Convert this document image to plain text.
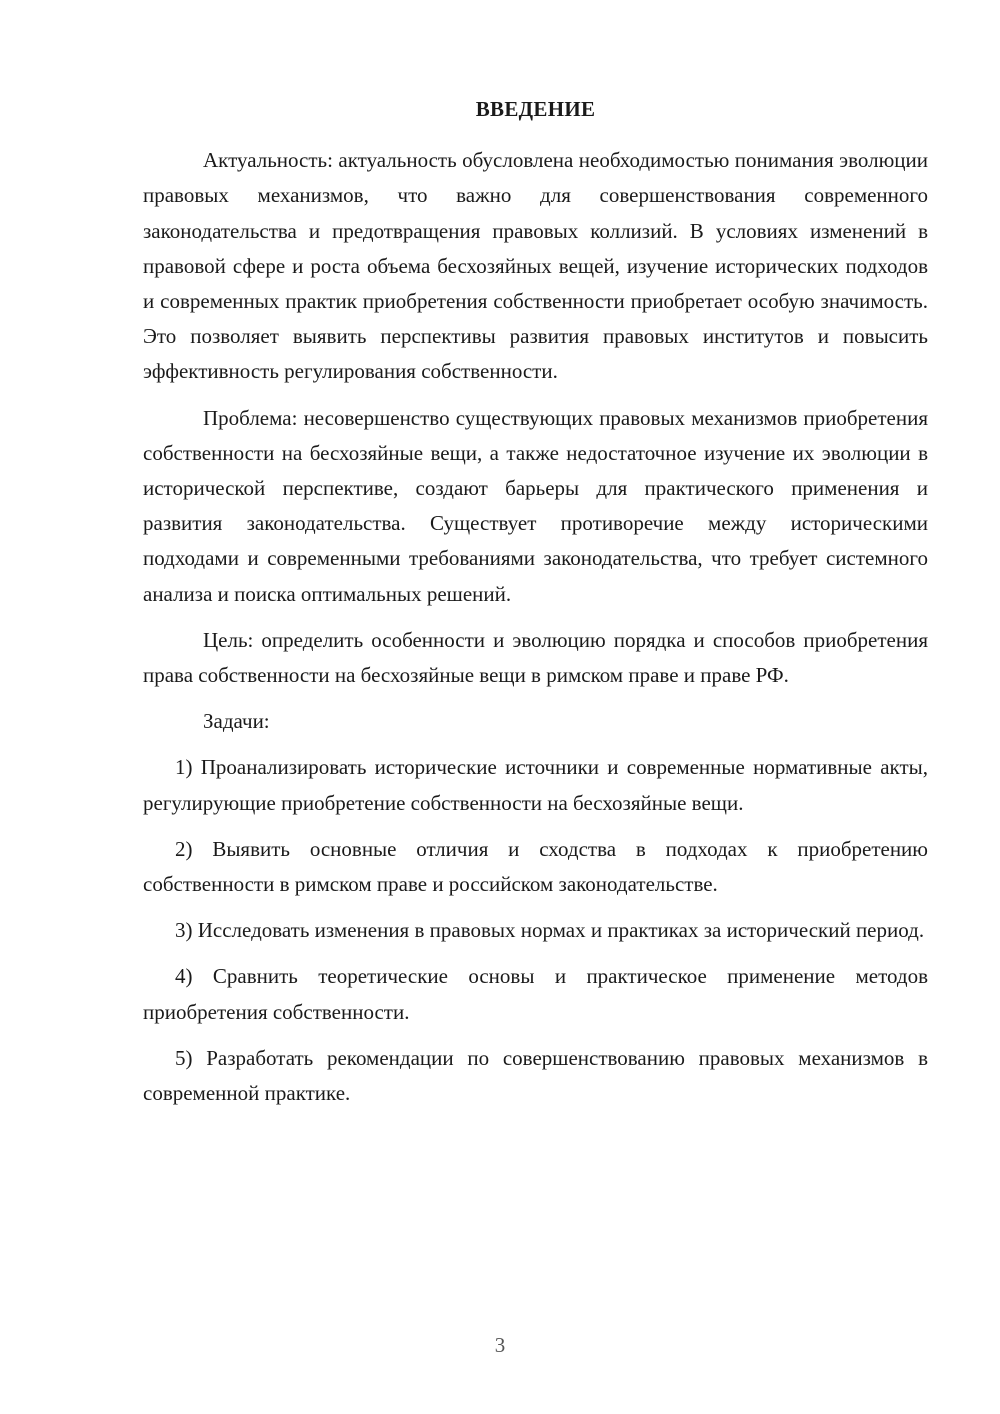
ВВЕДЕНИЕ

Актуальность: актуальность обусловлена необходимостью понимания эволюции правовых механизмов, что важно для совершенствования современного законодательства и предотвращения правовых коллизий. В условиях изменений в правовой сфере и роста объема бесхозяйных вещей, изучение исторических подходов и современных практик приобретения собственности приобретает особую значимость. Это позволяет выявить перспективы развития правовых институтов и повысить эффективность регулирования собственности.

Проблема: несовершенство существующих правовых механизмов приобретения собственности на бесхозяйные вещи, а также недостаточное изучение их эволюции в исторической перспективе, создают барьеры для практического применения и развития законодательства. Существует противоречие между историческими подходами и современными требованиями законодательства, что требует системного анализа и поиска оптимальных решений.

Цель: определить особенности и эволюцию порядка и способов приобретения права собственности на бесхозяйные вещи в римском праве и праве РФ.

Задачи:

1) Проанализировать исторические источники и современные нормативные акты, регулирующие приобретение собственности на бесхозяйные вещи.

2) Выявить основные отличия и сходства в подходах к приобретению собственности в римском праве и российском законодательстве.

3) Исследовать изменения в правовых нормах и практиках за исторический период.

4) Сравнить теоретические основы и практическое применение методов приобретения собственности.

5) Разработать рекомендации по совершенствованию правовых механизмов в современной практике.

3
